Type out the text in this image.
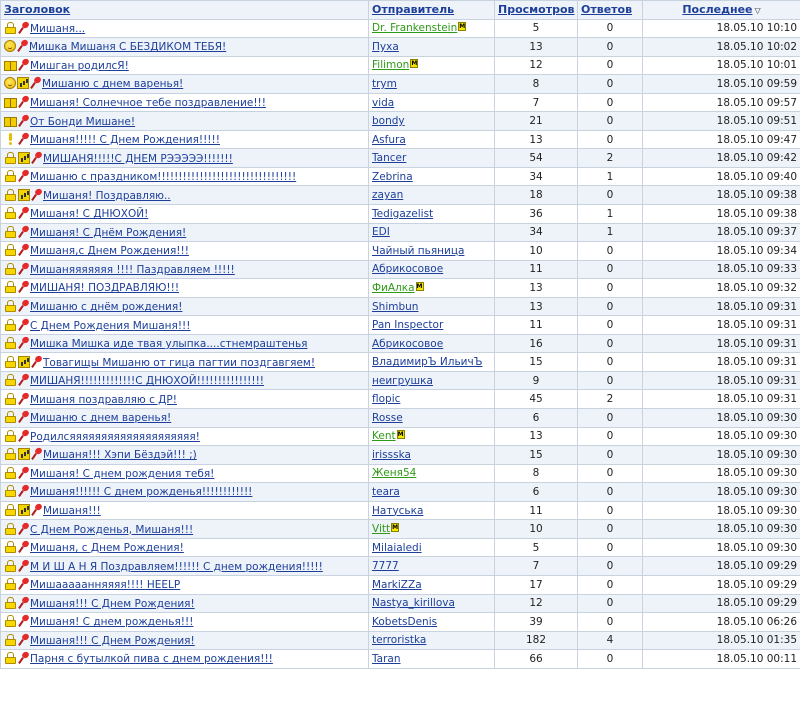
Заголовок	Отправитель	Просмотров	Ответов	Последнее ▽
Мишаня...	Dr. Frankenstein M	5	0	18.05.10 10:10
Мишка Мишаня С БЕЗДИКОМ ТЕБЯ!	Пуха	13	0	18.05.10 10:02
Мишган родилсЯ!	Filimon M	12	0	18.05.10 10:01
Мишаню с днем варенья!	trym	8	0	18.05.10 09:59
Мишаня! Солнечное тебе поздравление!!!	vida	7	0	18.05.10 09:57
От Бонди Мишане!	bondy	21	0	18.05.10 09:51
Мишаня!!!!! С Днем Рождения!!!!!	Asfura	13	0	18.05.10 09:47
МИШАНЯ!!!!!С ДНЕМ РЭЭЭЭЭ!!!!!!!	Tancer	54	2	18.05.10 09:42
Мишаню с праздником!!!!!!!!!!!!!!!!!!!!!!!!!!!!!!!!!	Zebrina	34	1	18.05.10 09:40
Мишаня! Поздравляю..	zayan	18	0	18.05.10 09:38
Мишаня! С ДНЮХОЙ!	Tedigazelist	36	1	18.05.10 09:38
Мишаня! С Днём Рождения!	EDI	34	1	18.05.10 09:37
Мишаня,с Днем Рождения!!!	Чайный пьяница	10	0	18.05.10 09:34
Мишаняяяяяяя !!!! Паздравляем !!!!!	Абрикосовое	11	0	18.05.10 09:33
МИШАНЯ! ПОЗДРАВЛЯЮ!!!	ФиАлка M	13	0	18.05.10 09:32
Мишаню с днём рождения!	Shimbun	13	0	18.05.10 09:31
С Днем Рождения Мишаня!!!	Pan Inspector	11	0	18.05.10 09:31
Мишка Мишка иде твая улыпка....стнемраштенья	Абрикосовое	16	0	18.05.10 09:31
Товагищы Мишаню от гица пагтии поздгавгяем!	ВладимирЪ ИльичЪ	15	0	18.05.10 09:31
МИШАНЯ!!!!!!!!!!!!!С ДНЮХОЙ!!!!!!!!!!!!!!!!	неигрушка	9	0	18.05.10 09:31
Мишаня поздравляю с ДР!	flopic	45	2	18.05.10 09:31
Мишаню с днем варенья!	Rosse	6	0	18.05.10 09:30
Родилсяяяяяяяяяяяяяяяяяяяя!	Kent M	13	0	18.05.10 09:30
Мишаня!!! Хэпи Бёздэй!!! ;)	irissska	15	0	18.05.10 09:30
Мишаня! С днем рождения тебя!	Женя54	8	0	18.05.10 09:30
Мишаня!!!!!! С днем рожденья!!!!!!!!!!!!	teara	6	0	18.05.10 09:30
Мишаня!!!	Натуська	11	0	18.05.10 09:30
С Днем Рожденья, Мишаня!!!	Vitt M	10	0	18.05.10 09:30
Мишаня, с Днем Рождения!	Milaialedi	5	0	18.05.10 09:30
М И Ш А Н Я Поздравляем!!!!!! С днем рождения!!!!!	7777	7	0	18.05.10 09:29
Мишааааанняяяя!!!! HEELP	MarkiZZa	17	0	18.05.10 09:29
Мишаня!!! С Днем Рождения!	Nastya_kirillova	12	0	18.05.10 09:29
Мишаня! С днем рожденья!!!	KobetsDenis	39	0	18.05.10 06:26
Мишаня!!! С Днем Рождения!	terroristka	182	4	18.05.10 01:35
Парня с бутылкой пива с днем рождения!!!	Taran	66	0	18.05.10 00:11
